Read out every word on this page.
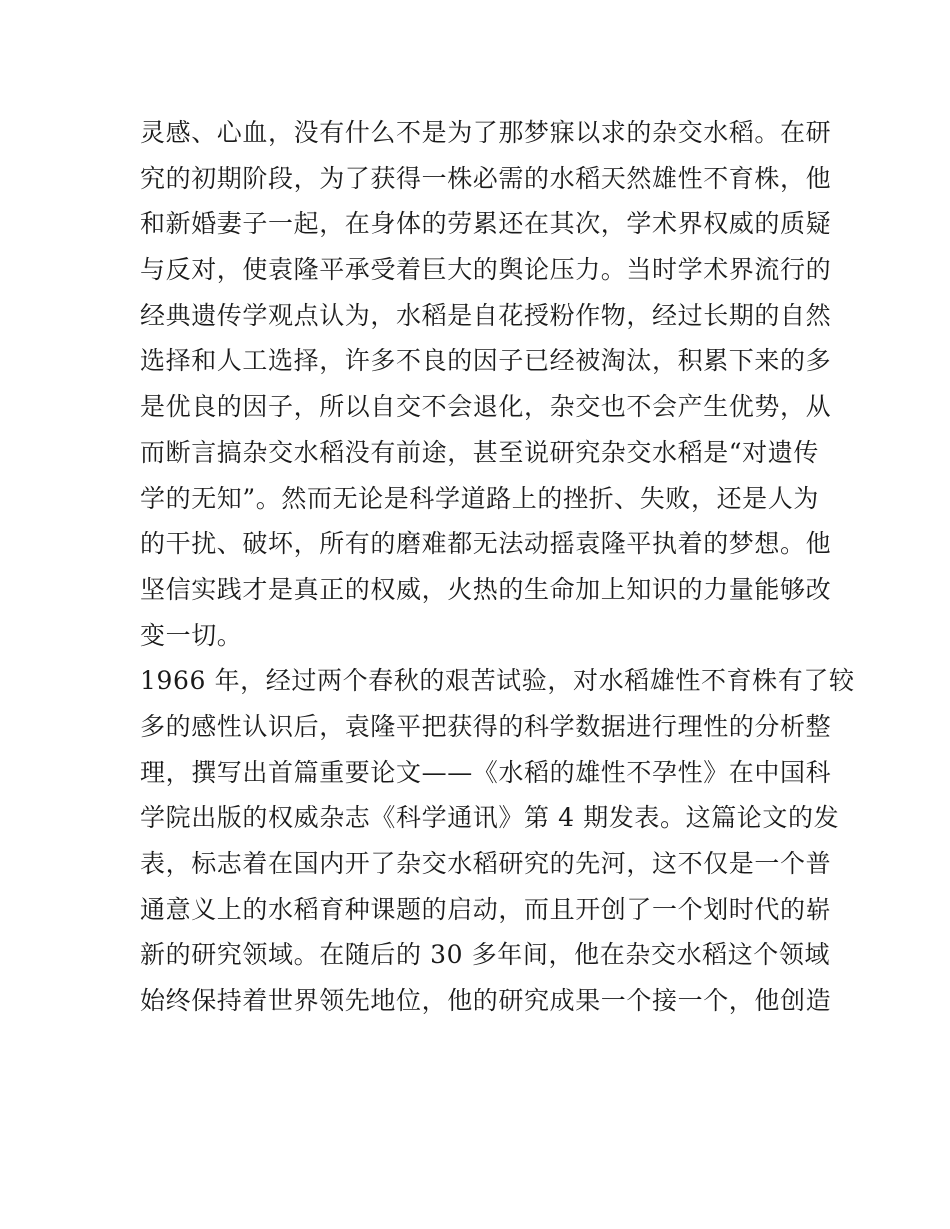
灵感、心血，没有什么不是为了那梦寐以求的杂交水稻。在研
究的初期阶段，为了获得一株必需的水稻天然雄性不育株，他
和新婚妻子一起，在身体的劳累还在其次，学术界权威的质疑
与反对，使袁隆平承受着巨大的舆论压力。当时学术界流行的
经典遗传学观点认为，水稻是自花授粉作物，经过长期的自然
选择和人工选择，许多不良的因子已经被淘汰，积累下来的多
是优良的因子，所以自交不会退化，杂交也不会产生优势，从
而断言搞杂交水稻没有前途，甚至说研究杂交水稻是“对遗传
学的无知”。然而无论是科学道路上的挫折、失败，还是人为
的干扰、破坏，所有的磨难都无法动摇袁隆平执着的梦想。他
坚信实践才是真正的权威，火热的生命加上知识的力量能够改
变一切。
1966 年，经过两个春秋的艰苦试验，对水稻雄性不育株有了较
多的感性认识后，袁隆平把获得的科学数据进行理性的分析整
理，撰写出首篇重要论文——《水稻的雄性不孕性》在中国科
学院出版的权威杂志《科学通讯》第 4 期发表。这篇论文的发
表，标志着在国内开了杂交水稻研究的先河，这不仅是一个普
通意义上的水稻育种课题的启动，而且开创了一个划时代的崭
新的研究领域。在随后的 30 多年间，他在杂交水稻这个领域
始终保持着世界领先地位，他的研究成果一个接一个，他创造
